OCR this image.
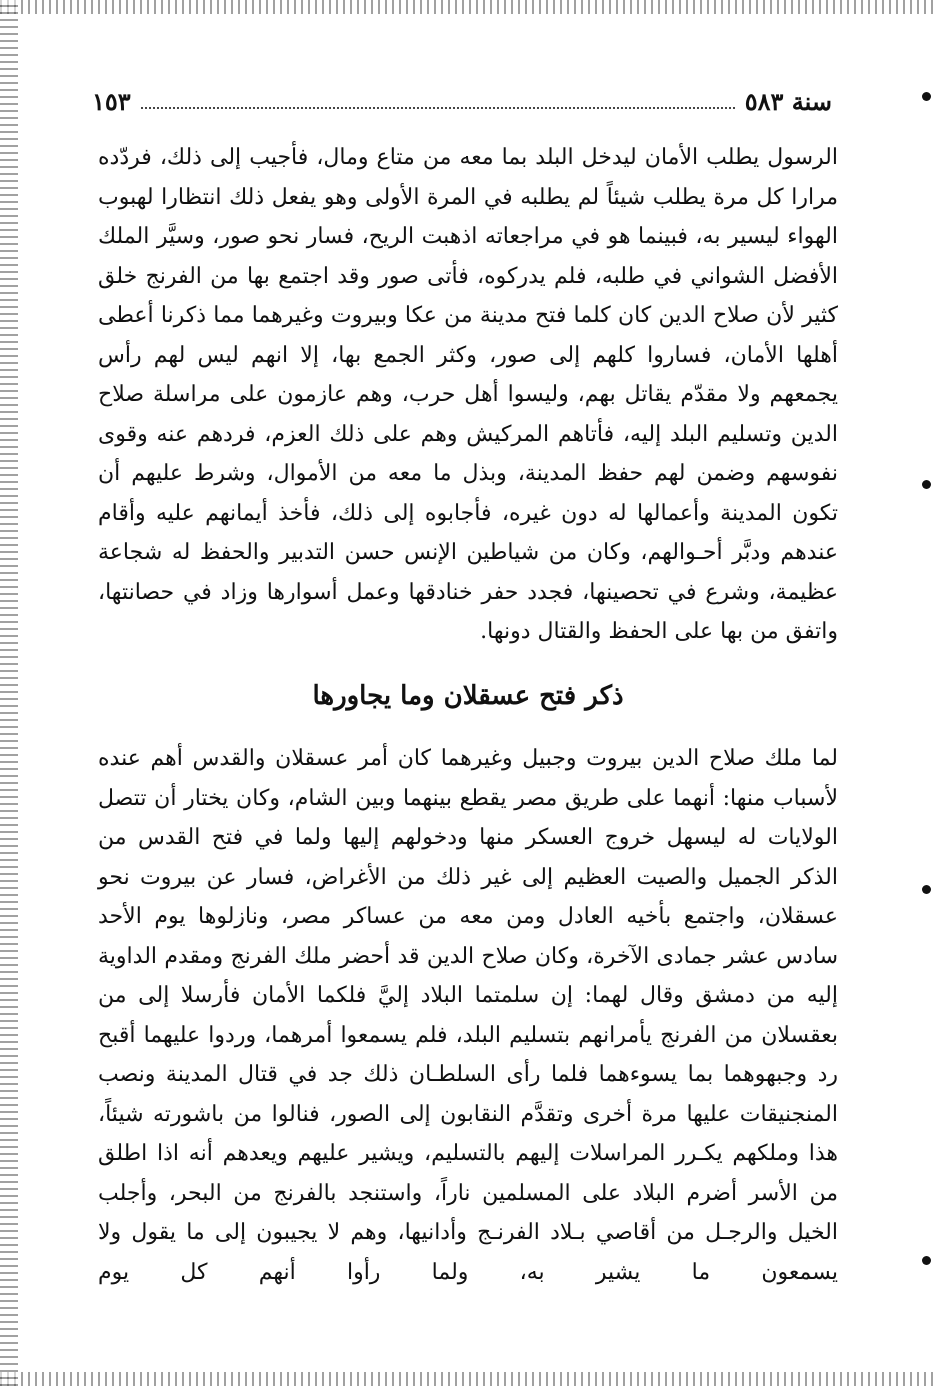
سنة ٥٨٣
١٥٣

الرسول يطلب الأمان ليدخل البلد بما معه من متاع ومال، فأجيب إلى ذلك، فردّده مرارا كل مرة يطلب شيئاً لم يطلبه في المرة الأولى وهو يفعل ذلك انتظارا لهبوب الهواء ليسير به، فبينما هو في مراجعاته اذهبت الريح، فسار نحو صور، وسيَّر الملك الأفضل الشواني في طلبه، فلم يدركوه، فأتى صور وقد اجتمع بها من الفرنج خلق كثير لأن صلاح الدين كان كلما فتح مدينة من عكا وبيروت وغيرهما مما ذكرنا أعطى أهلها الأمان، فساروا كلهم إلى صور، وكثر الجمع بها، إلا انهم ليس لهم رأس يجمعهم ولا مقدّم يقاتل بهم، وليسوا أهل حرب، وهم عازمون على مراسلة صلاح الدين وتسليم البلد إليه، فأتاهم المركيش وهم على ذلك العزم، فردهم عنه وقوى نفوسهم وضمن لهم حفظ المدينة، وبذل ما معه من الأموال، وشرط عليهم أن تكون المدينة وأعمالها له دون غيره، فأجابوه إلى ذلك، فأخذ أيمانهم عليه وأقام عندهم ودبَّر أحـوالهم، وكان من شياطين الإنس حسن التدبير والحفظ له شجاعة عظيمة، وشرع في تحصينها، فجدد حفر خنادقها وعمل أسوارها وزاد في حصانتها، واتفق من بها على الحفظ والقتال دونها.

ذكر فتح عسقلان وما يجاورها

لما ملك صلاح الدين بيروت وجبيل وغيرهما كان أمر عسقلان والقدس أهم عنده لأسباب منها: أنهما على طريق مصر يقطع بينهما وبين الشام، وكان يختار أن تتصل الولايات له ليسهل خروج العسكر منها ودخولهم إليها ولما في فتح القدس من الذكر الجميل والصيت العظيم إلى غير ذلك من الأغراض، فسار عن بيروت نحو عسقلان، واجتمع بأخيه العادل ومن معه من عساكر مصر، ونازلوها يوم الأحد سادس عشر جمادى الآخرة، وكان صلاح الدين قد أحضر ملك الفرنج ومقدم الداوية إليه من دمشق وقال لهما: إن سلمتما البلاد إليَّ فلكما الأمان فأرسلا إلى من بعقسلان من الفرنج يأمرانهم بتسليم البلد، فلم يسمعوا أمرهما، وردوا عليهما أقبح رد وجبهوهما بما يسوءهما فلما رأى السلطـان ذلك جد في قتال المدينة ونصب المنجنيقات عليها مرة أخرى وتقدَّم النقابون إلى الصور، فنالوا من باشورته شيئاً، هذا وملكهم يكـرر المراسلات إليهم بالتسليم، ويشير عليهم ويعدهم أنه اذا اطلق من الأسر أضرم البلاد على المسلمين ناراً، واستنجد بالفرنج من البحر، وأجلب الخيل والرجـل من أقاصي بـلاد الفرنـج وأدانيها، وهم لا يجيبون إلى ما يقول ولا يسمعون ما يشير به، ولما رأوا أنهم كل يوم
